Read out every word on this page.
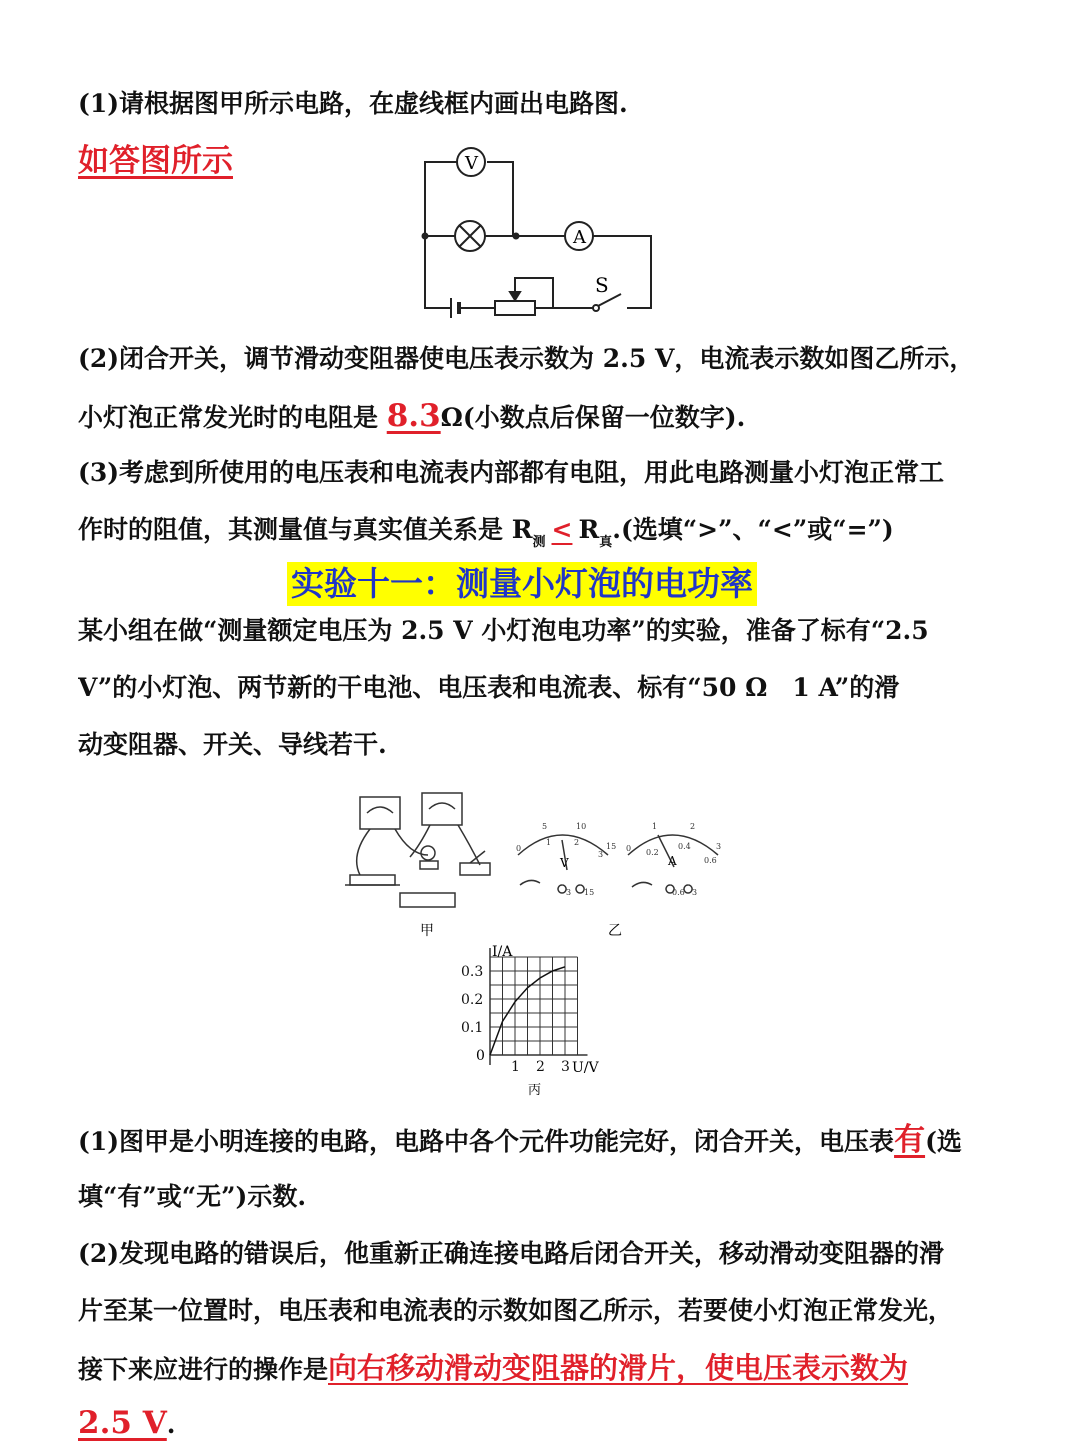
(1)请根据图甲所示电路，在虚线框内画出电路图.
如答图所示	V
A
S
(2)闭合开关，调节滑动变阻器使电压表示数为 2.5 V，电流表示数如图乙所示，
小灯泡正常发光时的电阻是 8.3Ω(小数点后保留一位数字).
(3)考虑到所使用的电压表和电流表内部都有电阻，用此电路测量小灯泡正常工
作时的阻值，其测量值与真实值关系是 $R_测 < R_真$.(选填“>”、“<”或“=”)
实验十一：测量小灯泡的电功率
某小组在做“测量额定电压为 2.5 V 小灯泡电功率”的实验，准备了标有“2.5
V”的小灯泡、两节新的干电池、电压表和电流表、标有“50 Ω　1 A”的滑
动变阻器、开关、导线若干.
0
5	10
15
1	2
3
3 15
0
1	2
3
0.2
0.4
0.6
0.6 3
V	A
甲	乙
1 2 3
0.1
0.2
0.3
I/A
U/V
0
丙
(1)图甲是小明连接的电路，电路中各个元件功能完好，闭合开关，电压表有(选
填“有”或“无”)示数.
(2)发现电路的错误后，他重新正确连接电路后闭合开关，移动滑动变阻器的滑
片至某一位置时，电压表和电流表的示数如图乙所示，若要使小灯泡正常发光，
接下来应进行的操作是向右移动滑动变阻器的滑片，使电压表示数为
2.5 V.
